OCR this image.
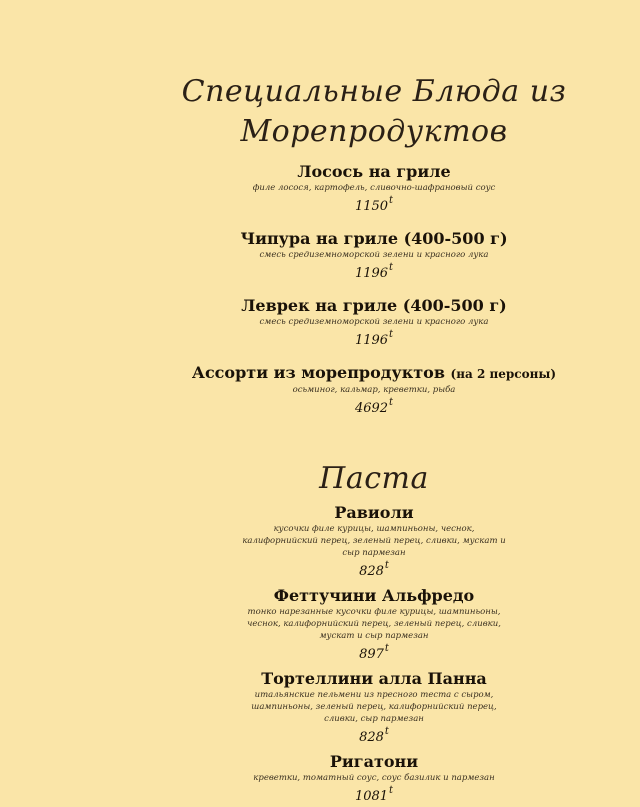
Специальные Блюда из
Морепродуктов
Лосось на гриле
филе лосося, картофель, сливочно-шафрановый соус
1150$^t$
Чипура на гриле (400-500 г)
смесь средиземноморской зелени и красного лука
1196$^t$
Леврек на гриле (400-500 г)
смесь средиземноморской зелени и красного лука
1196$^t$
Ассорти из морепродуктов (на 2 персоны)
осьминог, кальмар, креветки, рыба
4692$^t$
Паста
Равиоли
кусочки филе курицы, шампиньоны, чеснок, калифорнийский перец, зеленый перец, сливки, мускат и сыр пармезан
828$^t$
Феттучини Альфредо
тонко нарезанные кусочки филе курицы, шампиньоны, чеснок, калифорнийский перец, зеленый перец, сливки, мускат и сыр пармезан
897$^t$
Тортеллини алла Панна
итальянские пельмени из пресного теста с сыром, шампиньоны, зеленый перец, калифорнийский перец, сливки, сыр пармезан
828$^t$
Ригатони
креветки, томатный соус, соус базилик и пармезан
1081$^t$
